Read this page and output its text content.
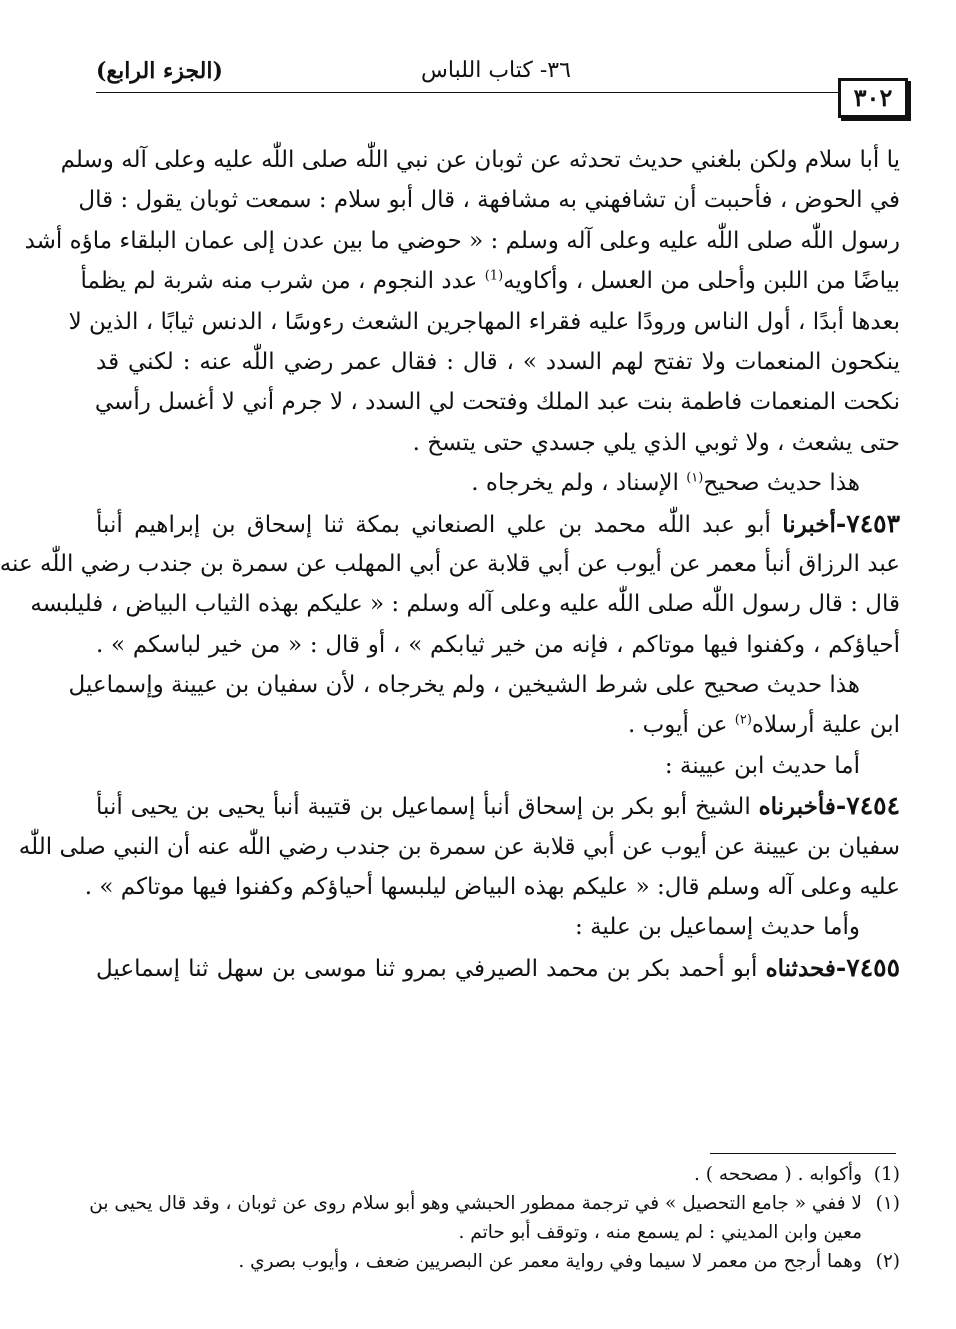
(الجزء الرابع)	٣٦- كتاب اللباس
٣٠٢
يا أبا سلام ولكن بلغني حديث تحدثه عن ثوبان عن نبي اللّٰه صلى اللّٰه عليه وعلى آله وسلم
في الحوض ، فأحببت أن تشافهني به مشافهة ، قال أبو سلام : سمعت ثوبان يقول : قال
رسول اللّٰه صلى اللّٰه عليه وعلى آله وسلم : « حوضي ما بين عدن إلى عمان البلقاء ماؤه أشد
بياضًا من اللبن وأحلى من العسل ، وأكاويه$^{(1)}$ عدد النجوم ، من شرب منه شربة لم يظمأ
بعدها أبدًا ، أول الناس ورودًا عليه فقراء المهاجرين الشعث رءوسًا ، الدنس ثيابًا ، الذين لا
ينكحون المنعمات ولا تفتح لهم السدد » ، قال : فقال عمر رضي اللّٰه عنه : لكني قد
نكحت المنعمات فاطمة بنت عبد الملك وفتحت لي السدد ، لا جرم أني لا أغسل رأسي
حتى يشعث ، ولا ثوبي الذي يلي جسدي حتى يتسخ .
هذا حديث صحيح$^{(١)}$ الإسناد ، ولم يخرجاه .
٧٤٥٣-أخبرنا أبو عبد اللّٰه محمد بن علي الصنعاني بمكة ثنا إسحاق بن إبراهيم أنبأ
عبد الرزاق أنبأ معمر عن أيوب عن أبي قلابة عن أبي المهلب عن سمرة بن جندب رضي اللّٰه عنه
قال : قال رسول اللّٰه صلى اللّٰه عليه وعلى آله وسلم : « عليكم بهذه الثياب البياض ، فليلبسه
أحياؤكم ، وكفنوا فيها موتاكم ، فإنه من خير ثيابكم » ، أو قال : « من خير لباسكم » .
هذا حديث صحيح على شرط الشيخين ، ولم يخرجاه ، لأن سفيان بن عيينة وإسماعيل
ابن علية أرسلاه$^{(٢)}$ عن أيوب .
أما حديث ابن عيينة :
٧٤٥٤-فأخبرناه الشيخ أبو بكر بن إسحاق أنبأ إسماعيل بن قتيبة أنبأ يحيى بن يحيى أنبأ
سفيان بن عيينة عن أيوب عن أبي قلابة عن سمرة بن جندب رضي اللّٰه عنه أن النبي صلى اللّٰه
عليه وعلى آله وسلم قال: « عليكم بهذه البياض ليلبسها أحياؤكم وكفنوا فيها موتاكم » .
وأما حديث إسماعيل بن علية :
٧٤٥٥-فحدثناه أبو أحمد بكر بن محمد الصيرفي بمرو ثنا موسى بن سهل ثنا إسماعيل
(1)وأكوابه . ( مصححه ) .
(١)لا ففي « جامع التحصيل » في ترجمة ممطور الحبشي وهو أبو سلام روى عن ثوبان ، وقد قال يحيى بن
معين وابن المديني : لم يسمع منه ، وتوقف أبو حاتم .
(٢)وهما أرجح من معمر لا سيما وفي رواية معمر عن البصريين ضعف ، وأيوب بصري .
